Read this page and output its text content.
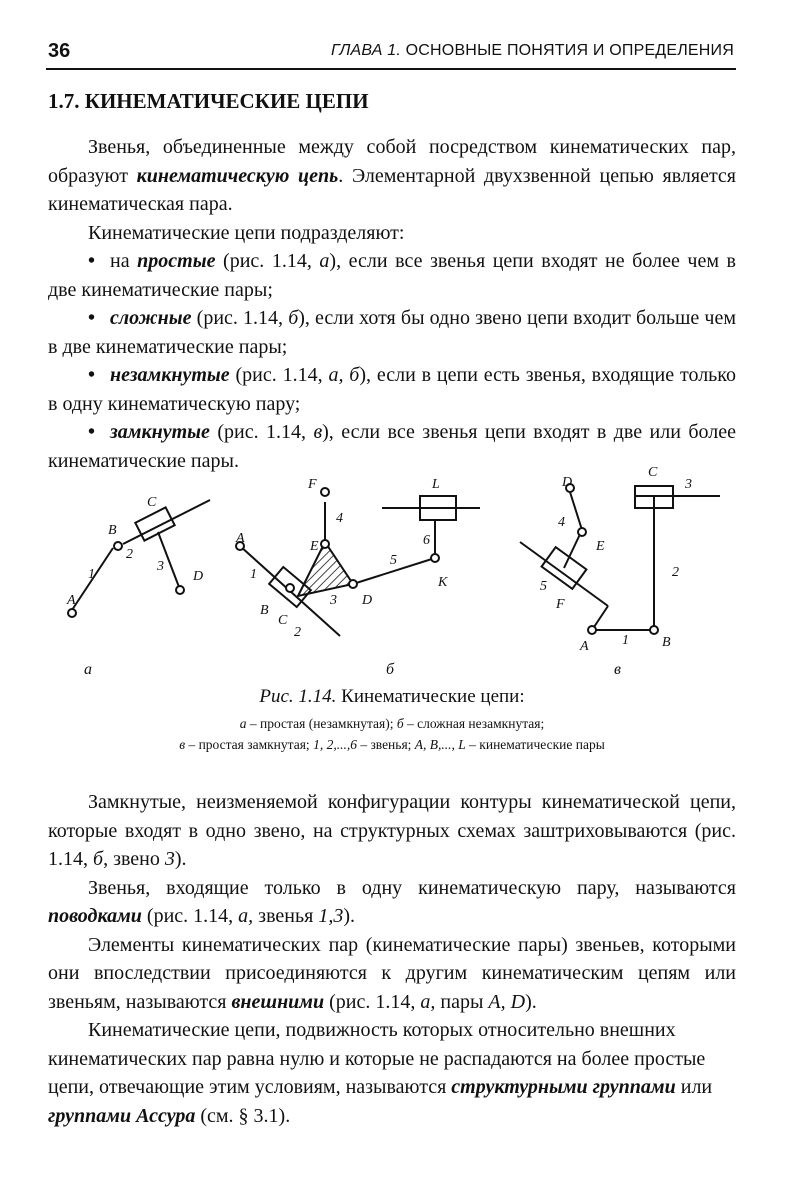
36	ГЛАВА 1. ОСНОВНЫЕ ПОНЯТИЯ И ОПРЕДЕЛЕНИЯ
1.7. КИНЕМАТИЧЕСКИЕ ЦЕПИ

Звенья, объединенные между собой посредством кинематических пар, образуют кинематическую цепь. Элементарной двухзвенной цепью является кинематическая пара.

Кинематические цепи подразделяют:

• на простые (рис. 1.14, а), если все звенья цепи входят не более чем в две кинематические пары;

• сложные (рис. 1.14, б), если хотя бы одно звено цепи входит больше чем в две кинематические пары;

• незамкнутые (рис. 1.14, а, б), если в цепи есть звенья, входящие только в одну кинематическую пару;

• замкнутые (рис. 1.14, в), если все звенья цепи входят в две или более кинематические пары.

C
B
2
3
D
1
A
F
4
L
E	6
A
1
5
K
B
3 D
C
2
C
D	3
4
E
2
5
F
A 1 B
а	б	в
Рис. 1.14. Кинематические цепи:
а – простая (незамкнутая); б – сложная незамкнутая;
в – простая замкнутая; 1, 2,...,6 – звенья; A, B,..., L – кинематические пары

Замкнутые, неизменяемой конфигурации контуры кинематической цепи, которые входят в одно звено, на структурных схемах заштриховываются (рис. 1.14, б, звено 3).

Звенья, входящие только в одну кинематическую пару, называются поводками (рис. 1.14, а, звенья 1,3).

Элементы кинематических пар (кинематические пары) звеньев, которыми они впоследствии присоединяются к другим кинематическим цепям или звеньям, называются внешними (рис. 1.14, а, пары A, D).

Кинематические цепи, подвижность которых относительно внешних кинематических пар равна нулю и которые не распадаются на более простые цепи, отвечающие этим условиям, называются структурными группами или группами Ассура (см. § 3.1).
